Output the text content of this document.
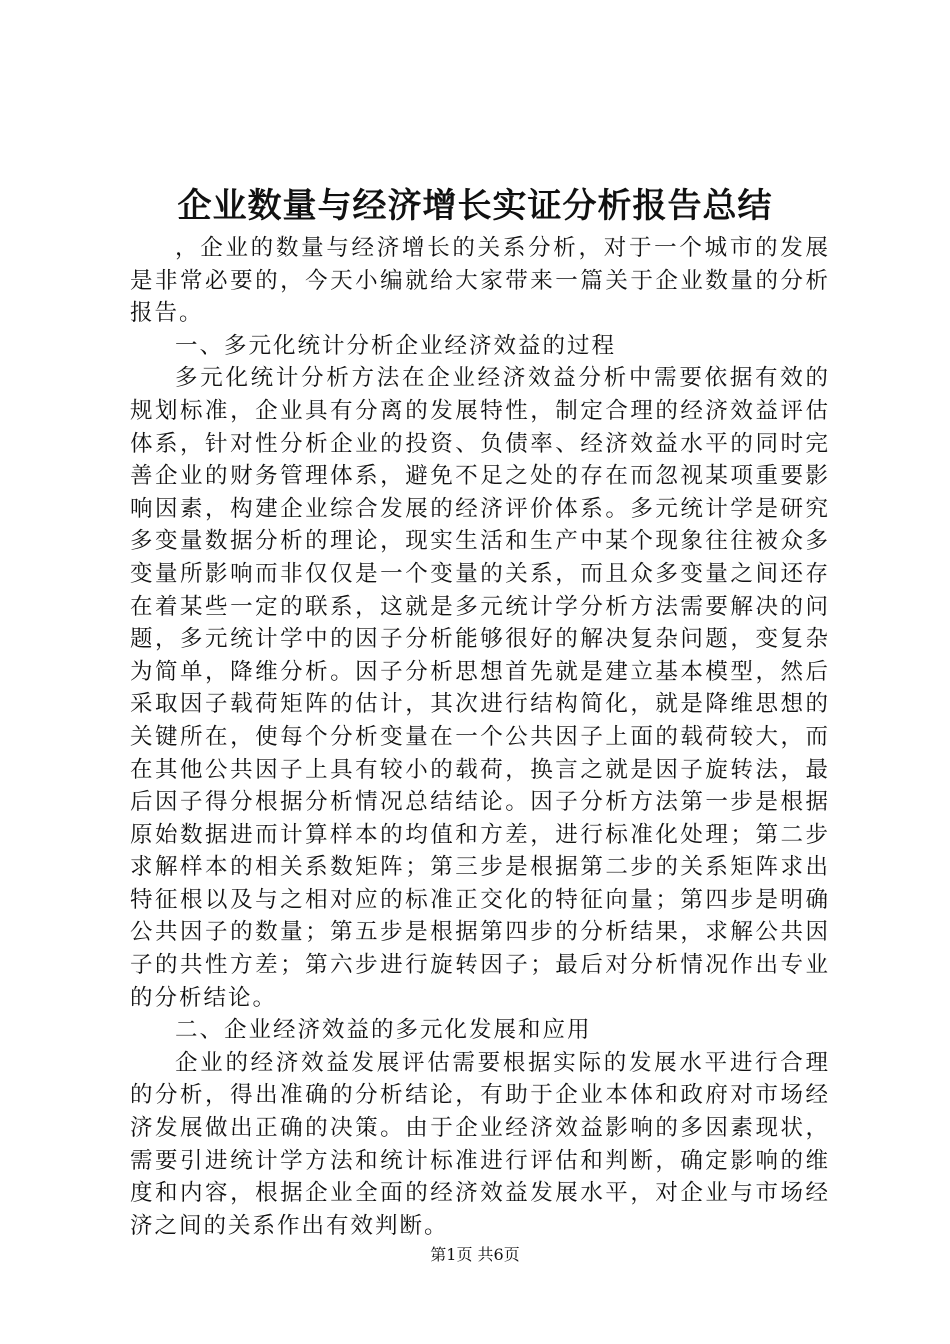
企业数量与经济增长实证分析报告总结

，企业的数量与经济增长的关系分析，对于一个城市的发展是非常必要的，今天小编就给大家带来一篇关于企业数量的分析报告。

一、多元化统计分析企业经济效益的过程

多元化统计分析方法在企业经济效益分析中需要依据有效的规划标准，企业具有分离的发展特性，制定合理的经济效益评估体系，针对性分析企业的投资、负债率、经济效益水平的同时完善企业的财务管理体系，避免不足之处的存在而忽视某项重要影响因素，构建企业综合发展的经济评价体系。多元统计学是研究多变量数据分析的理论，现实生活和生产中某个现象往往被众多变量所影响而非仅仅是一个变量的关系，而且众多变量之间还存在着某些一定的联系，这就是多元统计学分析方法需要解决的问题，多元统计学中的因子分析能够很好的解决复杂问题，变复杂为简单，降维分析。因子分析思想首先就是建立基本模型，然后采取因子载荷矩阵的估计，其次进行结构简化，就是降维思想的关键所在，使每个分析变量在一个公共因子上面的载荷较大，而在其他公共因子上具有较小的载荷，换言之就是因子旋转法，最后因子得分根据分析情况总结结论。因子分析方法第一步是根据原始数据进而计算样本的均值和方差，进行标准化处理；第二步求解样本的相关系数矩阵；第三步是根据第二步的关系矩阵求出特征根以及与之相对应的标准正交化的特征向量；第四步是明确公共因子的数量；第五步是根据第四步的分析结果，求解公共因子的共性方差；第六步进行旋转因子；最后对分析情况作出专业的分析结论。

二、企业经济效益的多元化发展和应用

企业的经济效益发展评估需要根据实际的发展水平进行合理的分析，得出准确的分析结论，有助于企业本体和政府对市场经济发展做出正确的决策。由于企业经济效益影响的多因素现状，需要引进统计学方法和统计标准进行评估和判断，确定影响的维度和内容，根据企业全面的经济效益发展水平，对企业与市场经济之间的关系作出有效判断。

第1页 共6页
